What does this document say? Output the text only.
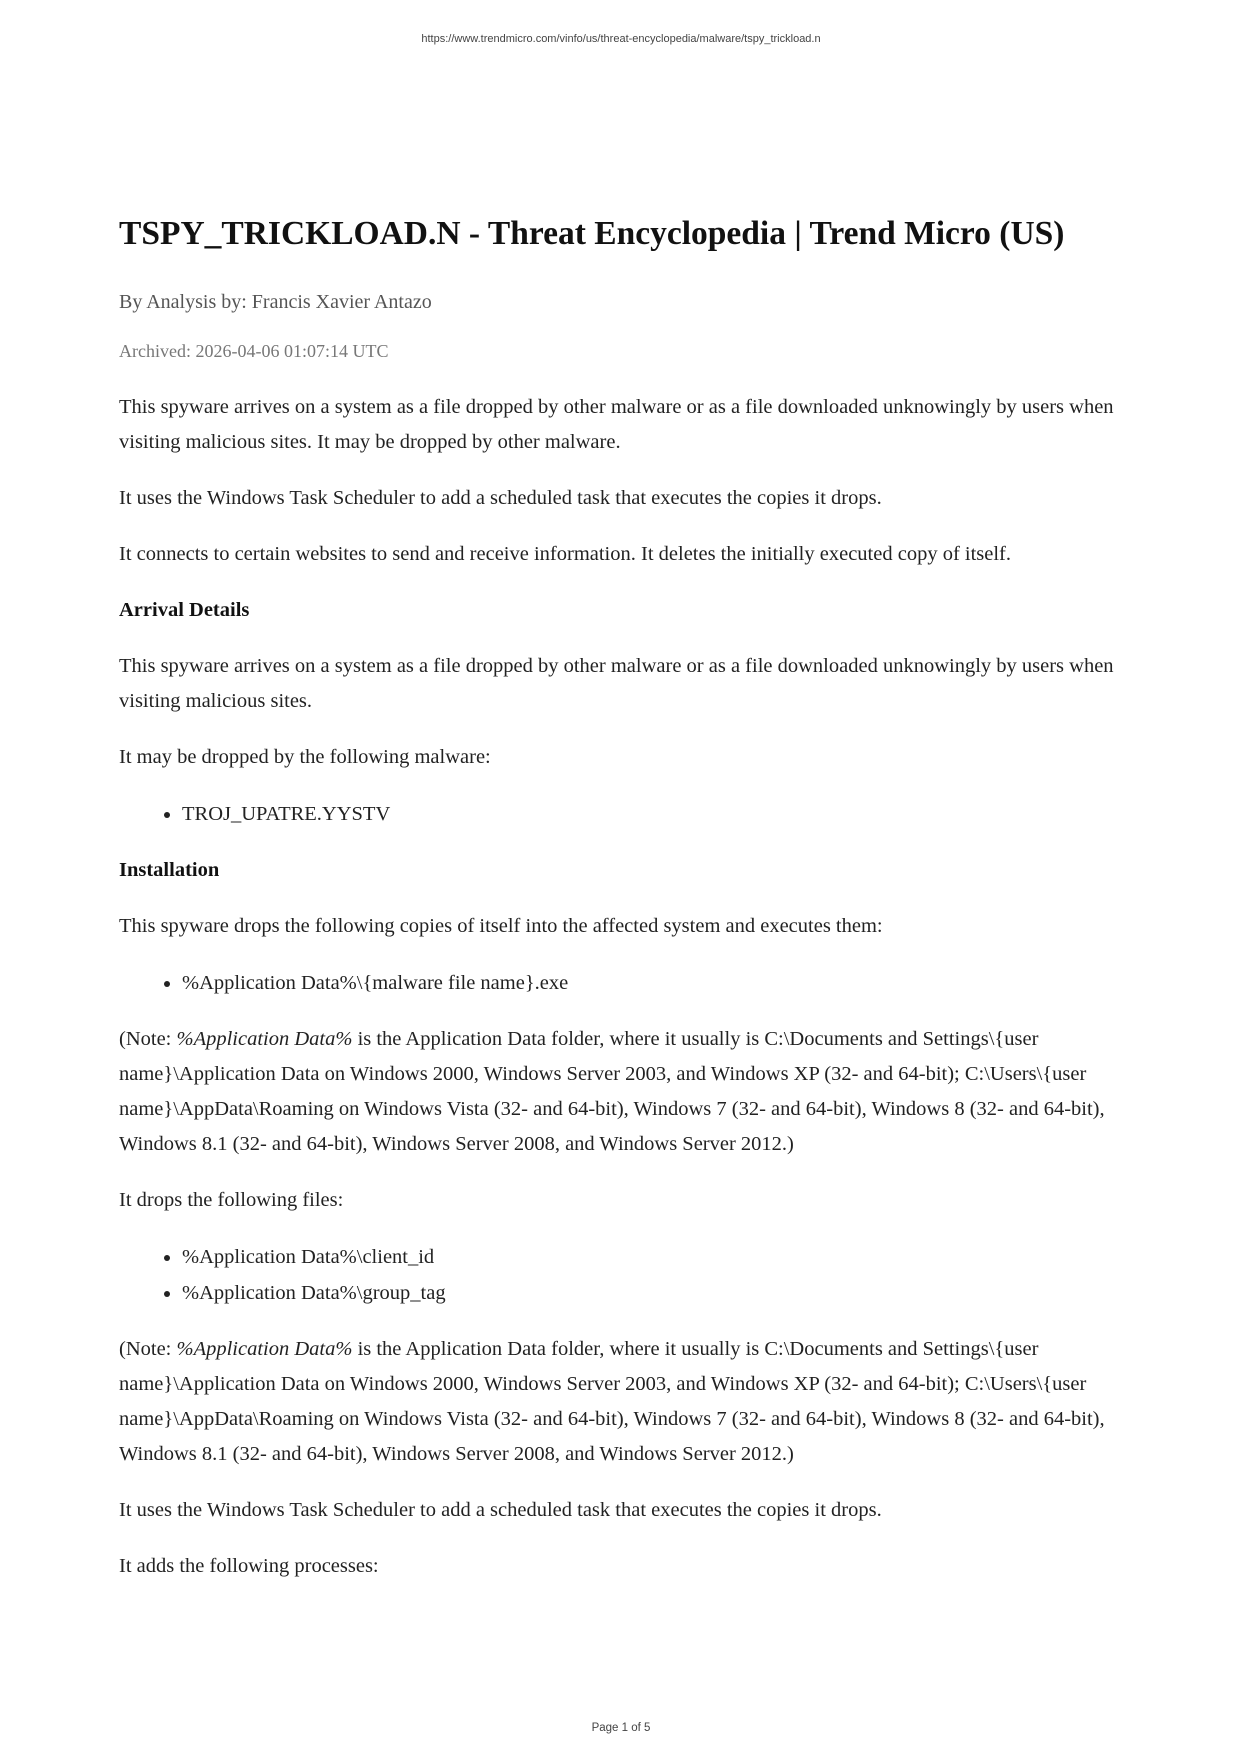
https://www.trendmicro.com/vinfo/us/threat-encyclopedia/malware/tspy_trickload.n
TSPY_TRICKLOAD.N - Threat Encyclopedia | Trend Micro (US)

By Analysis by: Francis Xavier Antazo

Archived: 2026-04-06 01:07:14 UTC

This spyware arrives on a system as a file dropped by other malware or as a file downloaded unknowingly by users when visiting malicious sites. It may be dropped by other malware.

It uses the Windows Task Scheduler to add a scheduled task that executes the copies it drops.

It connects to certain websites to send and receive information. It deletes the initially executed copy of itself.

Arrival Details

This spyware arrives on a system as a file dropped by other malware or as a file downloaded unknowingly by users when visiting malicious sites.

It may be dropped by the following malware:

• TROJ_UPATRE.YYSTV
Installation

This spyware drops the following copies of itself into the affected system and executes them:

• %Application Data%\{malware file name}.exe

(Note: %Application Data% is the Application Data folder, where it usually is C:\Documents and Settings\{user name}\Application Data on Windows 2000, Windows Server 2003, and Windows XP (32- and 64-bit); C:\Users\{user name}\AppData\Roaming on Windows Vista (32- and 64-bit), Windows 7 (32- and 64-bit), Windows 8 (32- and 64-bit), Windows 8.1 (32- and 64-bit), Windows Server 2008, and Windows Server 2012.)

It drops the following files:

• %Application Data%\client_id
• %Application Data%\group_tag

(Note: %Application Data% is the Application Data folder, where it usually is C:\Documents and Settings\{user name}\Application Data on Windows 2000, Windows Server 2003, and Windows XP (32- and 64-bit); C:\Users\{user name}\AppData\Roaming on Windows Vista (32- and 64-bit), Windows 7 (32- and 64-bit), Windows 8 (32- and 64-bit), Windows 8.1 (32- and 64-bit), Windows Server 2008, and Windows Server 2012.)

It uses the Windows Task Scheduler to add a scheduled task that executes the copies it drops.

It adds the following processes:

Page 1 of 5
